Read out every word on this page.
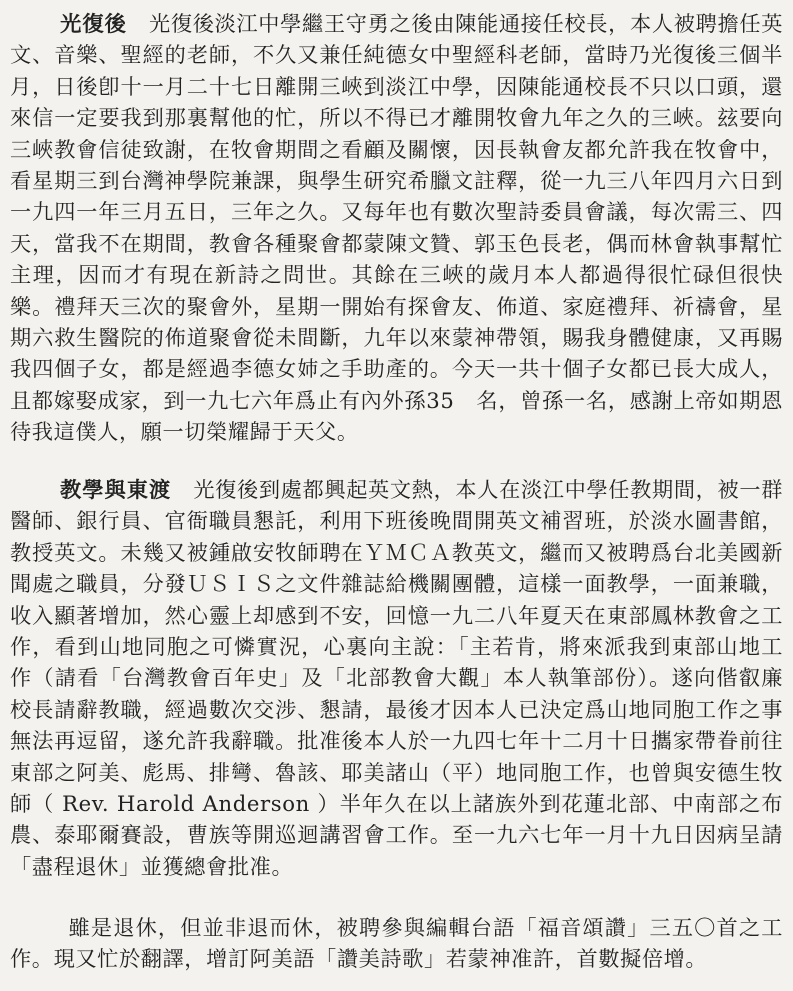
光復後 光復後淡江中學繼王守勇之後由陳能通接任校長，本人被聘擔任英文、音樂、聖經的老師，不久又兼任純德女中聖經科老師，當時乃光復後三個半月，日後卽十一月二十七日離開三峽到淡江中學，因陳能通校長不只以口頭，還來信一定要我到那裏幫他的忙，所以不得已才離開牧會九年之久的三峽。玆要向三峽教會信徒致謝，在牧會期間之看顧及關懷，因長執會友都允許我在牧會中，看星期三到台灣神學院兼課，與學生研究希臘文註釋，從一九三八年四月六日到一九四一年三月五日，三年之久。又每年也有數次聖詩委員會議，每次需三、四天，當我不在期間，教會各種聚會都蒙陳文贊、郭玉色長老，偶而林會執事幫忙主理，因而才有現在新詩之問世。其餘在三峽的歲月本人都過得很忙碌但很快樂。禮拜天三次的聚會外，星期一開始有探會友、佈道、家庭禮拜、祈禱會，星期六救生醫院的佈道聚會從未間斷，九年以來蒙神帶領，賜我身體健康，又再賜我四個子女，都是經過李德女姉之手助產的。今天一共十個子女都已長大成人，且都嫁娶成家，到一九七六年爲止有內外孫35　名，曾孫一名，感謝上帝如期恩待我這僕人，願一切榮耀歸于天父。

教學與東渡 光復後到處都興起英文熱，本人在淡江中學任教期間，被一群醫師、銀行員、官衙職員懇託，利用下班後晚間開英文補習班，於淡水圖書館，教授英文。未幾又被鍾啟安牧師聘在ＹＭＣＡ教英文，繼而又被聘爲台北美國新聞處之職員，分發ＵＳＩＳ之文件雜誌給機關團體，這樣一面教學，一面兼職，收入顯著增加，然心靈上却感到不安，回憶一九二八年夏天在東部鳳林教會之工作，看到山地同胞之可憐實況，心裏向主說：「主若肯，將來派我到東部山地工作（請看「台灣教會百年史」及「北部教會大觀」本人執筆部份）。遂向偕叡廉校長請辭教職，經過數次交涉、懇請，最後才因本人已決定爲山地同胞工作之事無法再逗留，遂允許我辭職。批准後本人於一九四七年十二月十日攜家帶眷前往東部之阿美、彪馬、排彎、魯該、耶美諸山（平）地同胞工作，也曾與安德生牧師（ Rev. Harold Anderson ）半年久在以上諸族外到花蓮北部、中南部之布農、泰耶爾賽設，曹族等開巡迴講習會工作。至一九六七年一月十九日因病呈請「盡程退休」並獲總會批准。

雖是退休，但並非退而休，被聘參與編輯台語「福音頌讚」三五〇首之工作。現又忙於翻譯，增訂阿美語「讚美詩歌」若蒙神准許，首數擬倍增。
